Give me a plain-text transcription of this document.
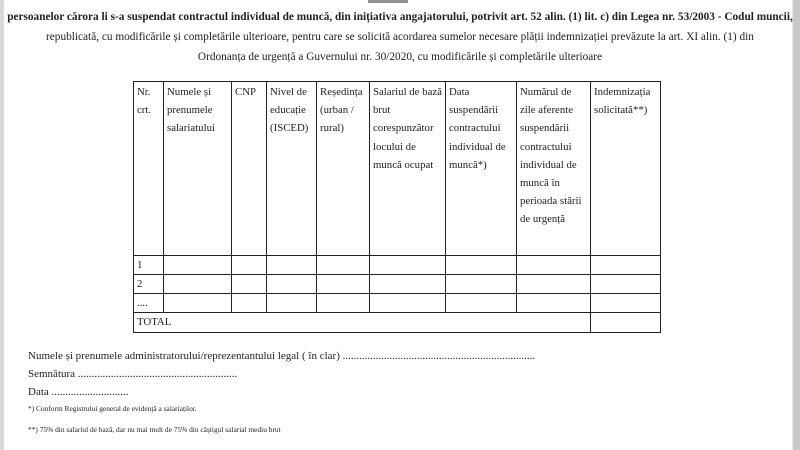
persoanelor cărora li s-a suspendat contractul individual de muncă, din inițiativa angajatorului, potrivit art. 52 alin. (1) lit. c) din Legea nr. 53/2003 - Codul muncii,
republicată, cu modificările și completările ulterioare, pentru care se solicită acordarea sumelor necesare plății indemnizației prevăzute la art. XI alin. (1) din
Ordonanța de urgență a Guvernului nr. 30/2020, cu modificările și completările ulterioare
Nr. crt.	Numele și prenumele salariatului	CNP	Nivel de educație (ISCED)	Reședința (urban / rural)	Salariul de bază brut corespunzător locului de muncă ocupat	Data suspendării contractului individual de muncă*)	Numărul de zile aferente suspendării contractului individual de muncă în perioada stării de urgență	Indemnizația solicitată**)
1								
2								
....								
TOTAL								
Numele și prenumele administratorului/reprezentantului legal ( în clar) ......................................................................
Semnătura ..........................................................
Data ............................
*) Conform Registrului general de evidență a salariaților.
**) 75% din salariul de bază, dar nu mai mult de 75% din câștigul salarial mediu brut
